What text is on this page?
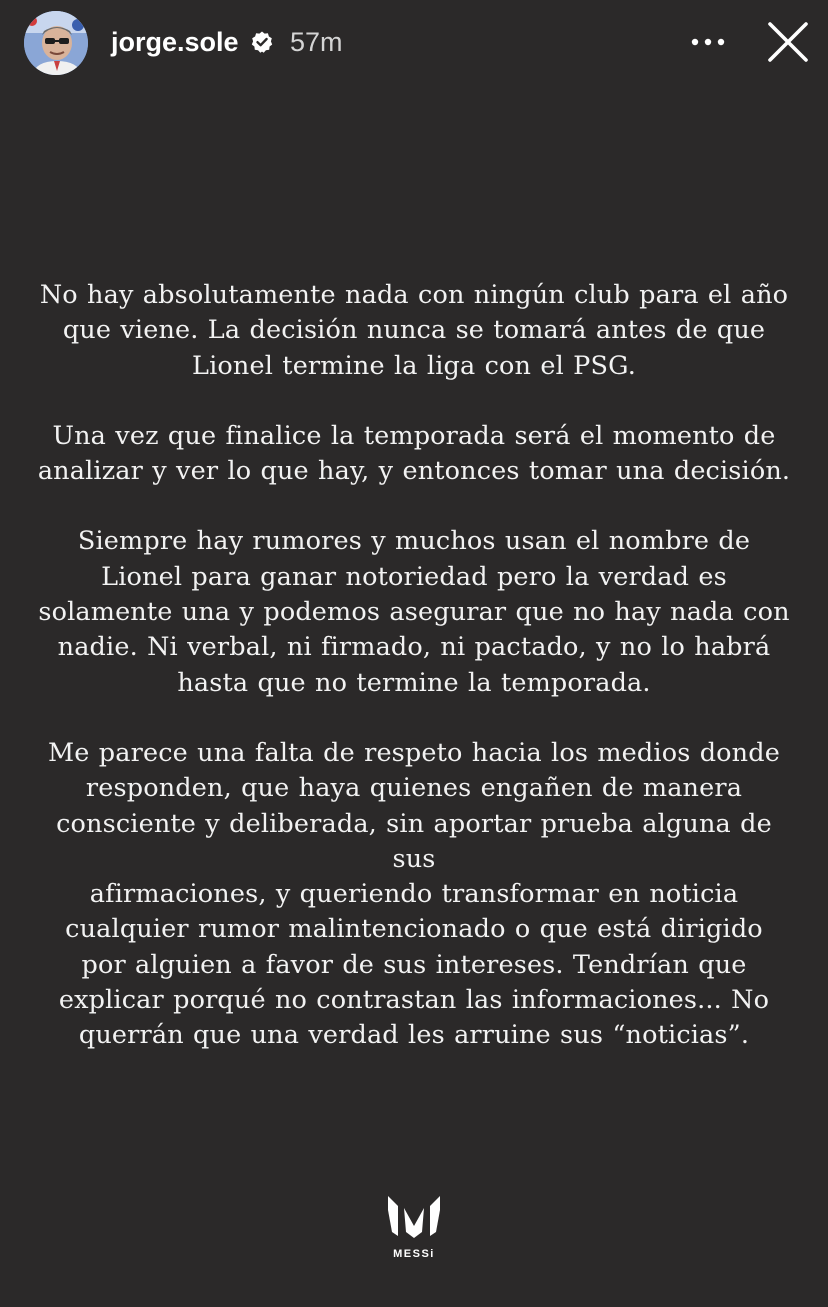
jorge.sole 57m

No hay absolutamente nada con ningún club para el año
que viene. La decisión nunca se tomará antes de que
Lionel termine la liga con el PSG.

Una vez que finalice la temporada será el momento de
analizar y ver lo que hay, y entonces tomar una decisión.

Siempre hay rumores y muchos usan el nombre de
Lionel para ganar notoriedad pero la verdad es
solamente una y podemos asegurar que no hay nada con
nadie. Ni verbal, ni firmado, ni pactado, y no lo habrá
hasta que no termine la temporada.

Me parece una falta de respeto hacia los medios donde
responden, que haya quienes engañen de manera
consciente y deliberada, sin aportar prueba alguna de sus
afirmaciones, y queriendo transformar en noticia
cualquier rumor malintencionado o que está dirigido
por alguien a favor de sus intereses. Tendrían que
explicar porqué no contrastan las informaciones... No
querrán que una verdad les arruine sus “noticias”.

MESSi
